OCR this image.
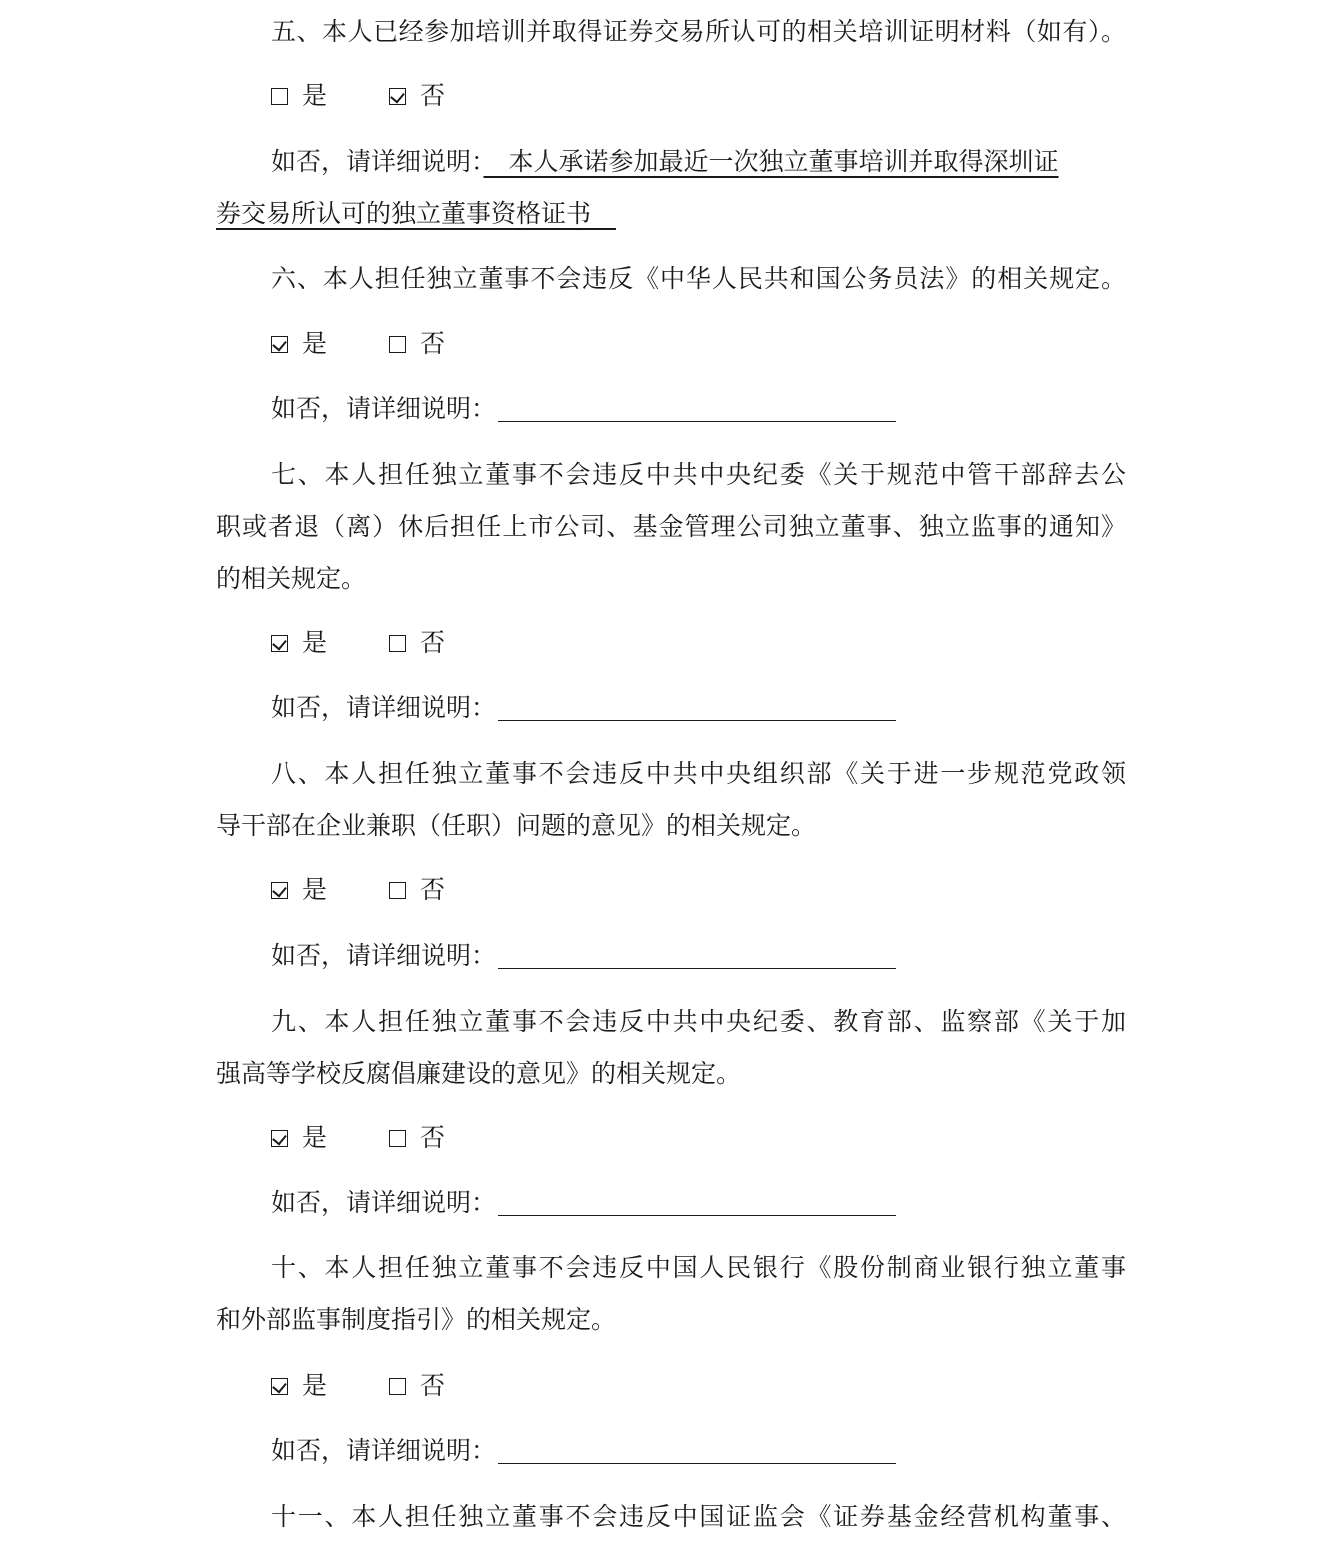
五、本人已经参加培训并取得证券交易所认可的相关培训证明材料（如有）。
是	否
如否，请详细说明：　 本人承诺参加最近一次独立董事培训并取得深圳证
券交易所认可的独立董事资格证书　
六、本人担任独立董事不会违反《中华人民共和国公务员法》的相关规定。
是	否
如否，请详细说明：
七、本人担任独立董事不会违反中共中央纪委《关于规范中管干部辞去公
职或者退（离）休后担任上市公司、基金管理公司独立董事、独立监事的通知》
的相关规定。
是	否
如否，请详细说明：
八、本人担任独立董事不会违反中共中央组织部《关于进一步规范党政领
导干部在企业兼职（任职）问题的意见》的相关规定。
是	否
如否，请详细说明：
九、本人担任独立董事不会违反中共中央纪委、教育部、监察部《关于加
强高等学校反腐倡廉建设的意见》的相关规定。
是	否
如否，请详细说明：
十、本人担任独立董事不会违反中国人民银行《股份制商业银行独立董事
和外部监事制度指引》的相关规定。
是	否
如否，请详细说明：
十一、本人担任独立董事不会违反中国证监会《证券基金经营机构董事、
